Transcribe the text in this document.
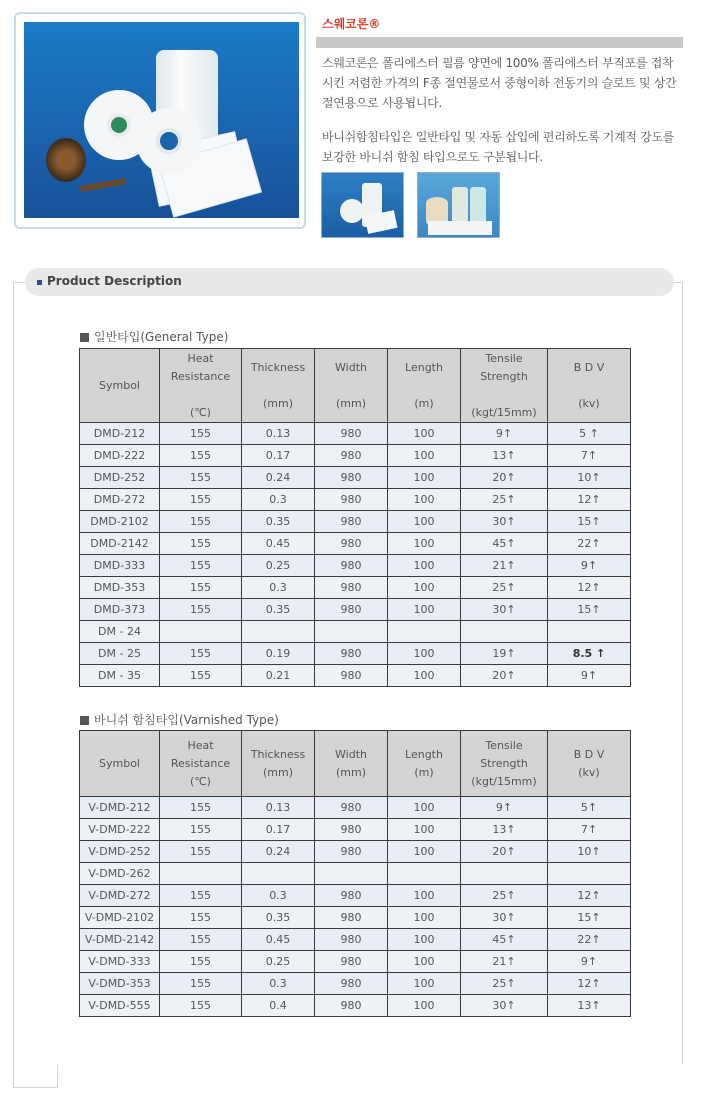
스웨코론®

스웨코론은 폴리에스터 필름 양면에 100% 폴리에스터 부직포를 접착시킨 저렴한 가격의 F종 절연물로서 중형이하 전동기의 슬로트 및 상간절연용으로 사용됩니다.

바니쉬함침타입은 일반타입 및 자동 삽입에 편리하도록 기계적 강도를 보강한 바니쉬 함침 타입으로도 구분됩니다.

Product Description
일반타입(General Type)
Symbol	Heat
Resistance

(℃)	Thickness

(mm)	Width

(mm)	Length

(m)	Tensile
Strength

(kgt/15mm)	B D V

(kv)

DMD-212	155	0.13	980	100	9↑	5 ↑
DMD-222	155	0.17	980	100	13↑	7↑
DMD-252	155	0.24	980	100	20↑	10↑
DMD-272	155	0.3	980	100	25↑	12↑
DMD-2102	155	0.35	980	100	30↑	15↑
DMD-2142	155	0.45	980	100	45↑	22↑
DMD-333	155	0.25	980	100	21↑	9↑
DMD-353	155	0.3	980	100	25↑	12↑
DMD-373	155	0.35	980	100	30↑	15↑
DM - 24						
DM - 25	155	0.19	980	100	19↑	8.5 ↑
DM - 35	155	0.21	980	100	20↑	9↑
바니쉬 함침타입(Varnished Type)
Symbol	Heat
Resistance
(℃)	Thickness
(mm)	Width
(mm)	Length
(m)	Tensile
Strength
(kgt/15mm)	B D V
(kv)

V-DMD-212	155	0.13	980	100	9↑	5↑
V-DMD-222	155	0.17	980	100	13↑	7↑
V-DMD-252	155	0.24	980	100	20↑	10↑
V-DMD-262						
V-DMD-272	155	0.3	980	100	25↑	12↑
V-DMD-2102	155	0.35	980	100	30↑	15↑
V-DMD-2142	155	0.45	980	100	45↑	22↑
V-DMD-333	155	0.25	980	100	21↑	9↑
V-DMD-353	155	0.3	980	100	25↑	12↑
V-DMD-555	155	0.4	980	100	30↑	13↑
